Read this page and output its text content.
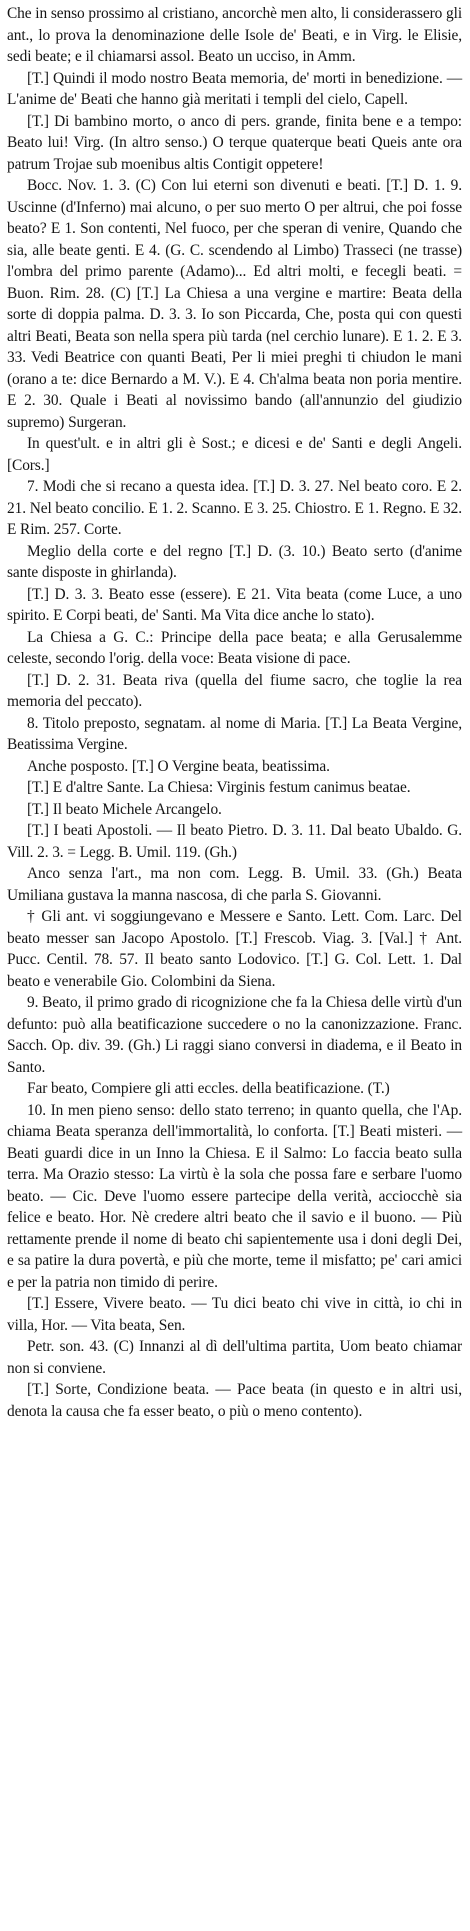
Che in senso prossimo al cristiano, ancorchè men alto, li considerassero gli ant., lo prova la denominazione delle Isole de' Beati, e in Virg. le Elisie, sedi beate; e il chiamarsi assol. Beato un ucciso, in Amm.

[T.] Quindi il modo nostro Beata memoria, de' morti in benedizione. — L'anime de' Beati che hanno già meritati i templi del cielo, Capell.

[T.] Di bambino morto, o anco di pers. grande, finita bene e a tempo: Beato lui! Virg. (In altro senso.) O terque quaterque beati Queis ante ora patrum Trojae sub moenibus altis Contigit oppetere!

Bocc. Nov. 1. 3. (C) Con lui eterni son divenuti e beati. [T.] D. 1. 9. Uscinne (d'Inferno) mai alcuno, o per suo merto O per altrui, che poi fosse beato? E 1. Son contenti, Nel fuoco, per che speran di venire, Quando che sia, alle beate genti. E 4. (G. C. scendendo al Limbo) Trasseci (ne trasse) l'ombra del primo parente (Adamo)... Ed altri molti, e fecegli beati. = Buon. Rim. 28. (C) [T.] La Chiesa a una vergine e martire: Beata della sorte di doppia palma. D. 3. 3. Io son Piccarda, Che, posta qui con questi altri Beati, Beata son nella spera più tarda (nel cerchio lunare). E 1. 2. E 3. 33. Vedi Beatrice con quanti Beati, Per li miei preghi ti chiudon le mani (orano a te: dice Bernardo a M. V.). E 4. Ch'alma beata non poria mentire. E 2. 30. Quale i Beati al novissimo bando (all'annunzio del giudizio supremo) Surgeran.

In quest'ult. e in altri gli è Sost.; e dicesi e de' Santi e degli Angeli. [Cors.]

7. Modi che si recano a questa idea. [T.] D. 3. 27. Nel beato coro. E 2. 21. Nel beato concilio. E 1. 2. Scanno. E 3. 25. Chiostro. E 1. Regno. E 32. E Rim. 257. Corte.

Meglio della corte e del regno [T.] D. (3. 10.) Beato serto (d'anime sante disposte in ghirlanda).

[T.] D. 3. 3. Beato esse (essere). E 21. Vita beata (come Luce, a uno spirito. E Corpi beati, de' Santi. Ma Vita dice anche lo stato).

La Chiesa a G. C.: Principe della pace beata; e alla Gerusalemme celeste, secondo l'orig. della voce: Beata visione di pace.

[T.] D. 2. 31. Beata riva (quella del fiume sacro, che toglie la rea memoria del peccato).

8. Titolo preposto, segnatam. al nome di Maria. [T.] La Beata Vergine, Beatissima Vergine.

Anche posposto. [T.] O Vergine beata, beatissima.

[T.] E d'altre Sante. La Chiesa: Virginis festum canimus beatae.

[T.] Il beato Michele Arcangelo.

[T.] I beati Apostoli. — Il beato Pietro. D. 3. 11. Dal beato Ubaldo. G. Vill. 2. 3. = Legg. B. Umil. 119. (Gh.)

Anco senza l'art., ma non com. Legg. B. Umil. 33. (Gh.) Beata Umiliana gustava la manna nascosa, di che parla S. Giovanni.

† Gli ant. vi soggiungevano e Messere e Santo. Lett. Com. Larc. Del beato messer san Jacopo Apostolo. [T.] Frescob. Viag. 3. [Val.] † Ant. Pucc. Centil. 78. 57. Il beato santo Lodovico. [T.] G. Col. Lett. 1. Dal beato e venerabile Gio. Colombini da Siena.

9. Beato, il primo grado di ricognizione che fa la Chiesa delle virtù d'un defunto: può alla beatificazione succedere o no la canonizzazione. Franc. Sacch. Op. div. 39. (Gh.) Li raggi siano conversi in diadema, e il Beato in Santo.

Far beato, Compiere gli atti eccles. della beatificazione. (T.)

10. In men pieno senso: dello stato terreno; in quanto quella, che l'Ap. chiama Beata speranza dell'immortalità, lo conforta. [T.] Beati misteri. — Beati guardi dice in un Inno la Chiesa. E il Salmo: Lo faccia beato sulla terra. Ma Orazio stesso: La virtù è la sola che possa fare e serbare l'uomo beato. — Cic. Deve l'uomo essere partecipe della verità, acciocchè sia felice e beato. Hor. Nè credere altri beato che il savio e il buono. — Più rettamente prende il nome di beato chi sapientemente usa i doni degli Dei, e sa patire la dura povertà, e più che morte, teme il misfatto; pe' cari amici e per la patria non timido di perire.

[T.] Essere, Vivere beato. — Tu dici beato chi vive in città, io chi in villa, Hor. — Vita beata, Sen.

Petr. son. 43. (C) Innanzi al dì dell'ultima partita, Uom beato chiamar non si conviene.

[T.] Sorte, Condizione beata. — Pace beata (in questo e in altri usi, denota la causa che fa esser beato, o più o meno contento).
